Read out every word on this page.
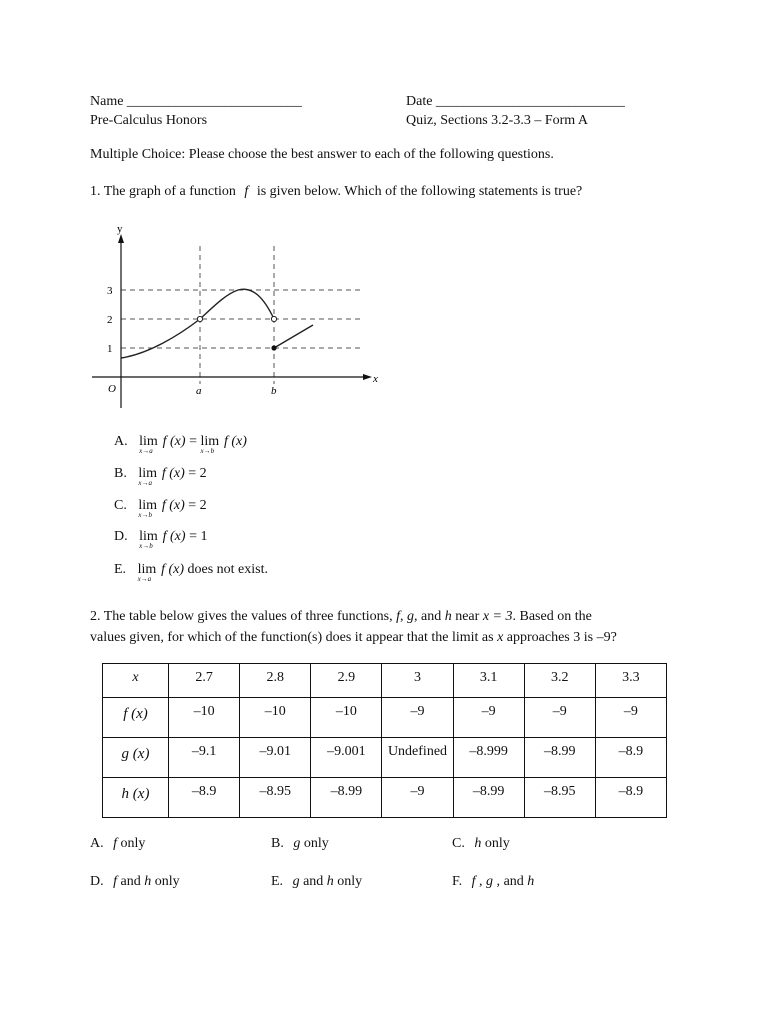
Name _________________________	Date ___________________________
Pre-Calculus Honors	Quiz, Sections 3.2-3.3 – Form A
Multiple Choice: Please choose the best answer to each of the following questions.
1. The graph of a function f is given below. Which of the following statements is true?
y
x
O	a	b
1
2
3
A. lim
x→a
f (x) = lim
x→b
f (x)
B. lim
x→a
f (x) = 2
C. lim
x→b
f (x) = 2
D. lim
x→b
f (x) = 1
E. lim
x→a
f (x) does not exist.
2. The table below gives the values of three functions, f, g, and h near x = 3. Based on the
values given, for which of the function(s) does it appear that the limit as x approaches 3 is –9?
x	2.7	2.8	2.9	3	3.1	3.2	3.3
f (x)	–10	–10	–10	–9	–9	–9	–9
g (x)	–9.1	–9.01	–9.001	Undefined	–8.999	–8.99	–8.9
h (x)	–8.9	–8.95	–8.99	–9	–8.99	–8.95	–8.9
A. f only	B. g only	C. h only
D. f and h only	E. g and h only	F. f , g , and h
